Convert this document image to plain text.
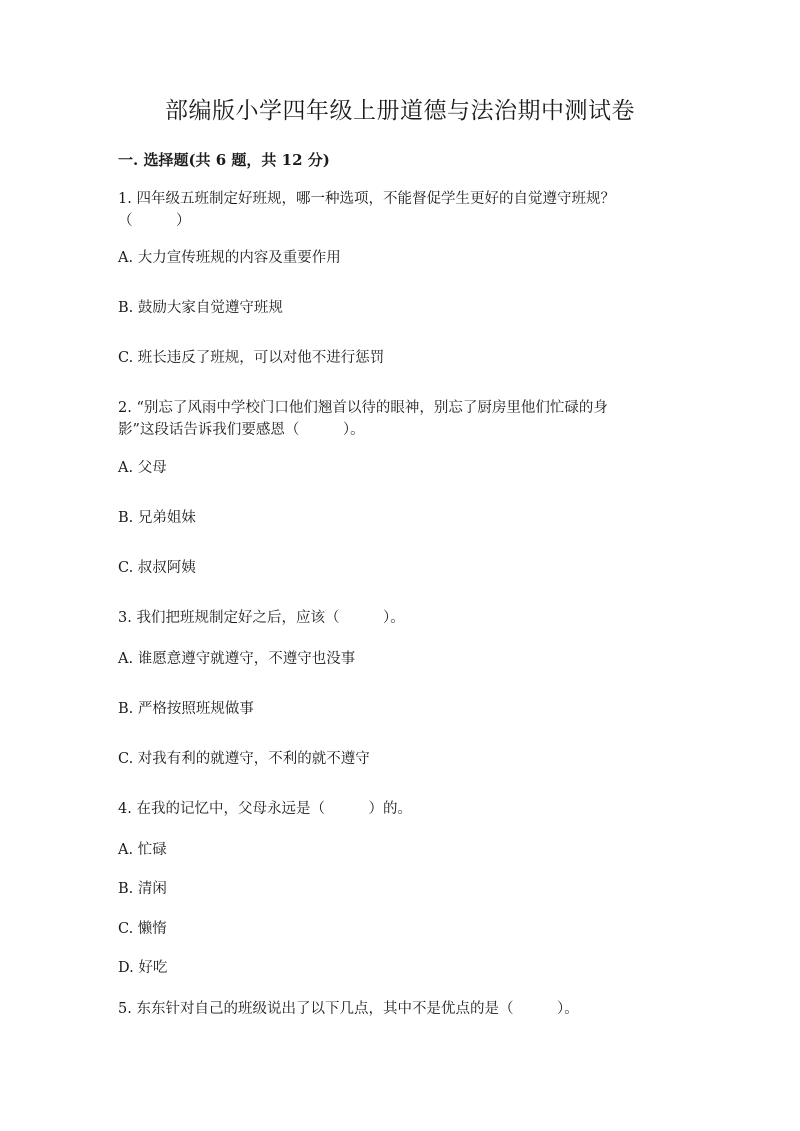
部编版小学四年级上册道德与法治期中测试卷
一. 选择题(共 6 题，共 12 分)
1. 四年级五班制定好班规，哪一种选项，不能督促学生更好的自觉遵守班规？
（　　　）
A. 大力宣传班规的内容及重要作用
B. 鼓励大家自觉遵守班规
C. 班长违反了班规，可以对他不进行惩罚
2. “别忘了风雨中学校门口他们翘首以待的眼神，别忘了厨房里他们忙碌的身
影”这段话告诉我们要感恩（　　　）。
A. 父母
B. 兄弟姐妹
C. 叔叔阿姨
3. 我们把班规制定好之后，应该（　　　）。
A. 谁愿意遵守就遵守，不遵守也没事
B. 严格按照班规做事
C. 对我有利的就遵守，不利的就不遵守
4. 在我的记忆中，父母永远是（　　　）的。
A. 忙碌
B. 清闲
C. 懒惰
D. 好吃
5. 东东针对自己的班级说出了以下几点，其中不是优点的是（　　　）。
